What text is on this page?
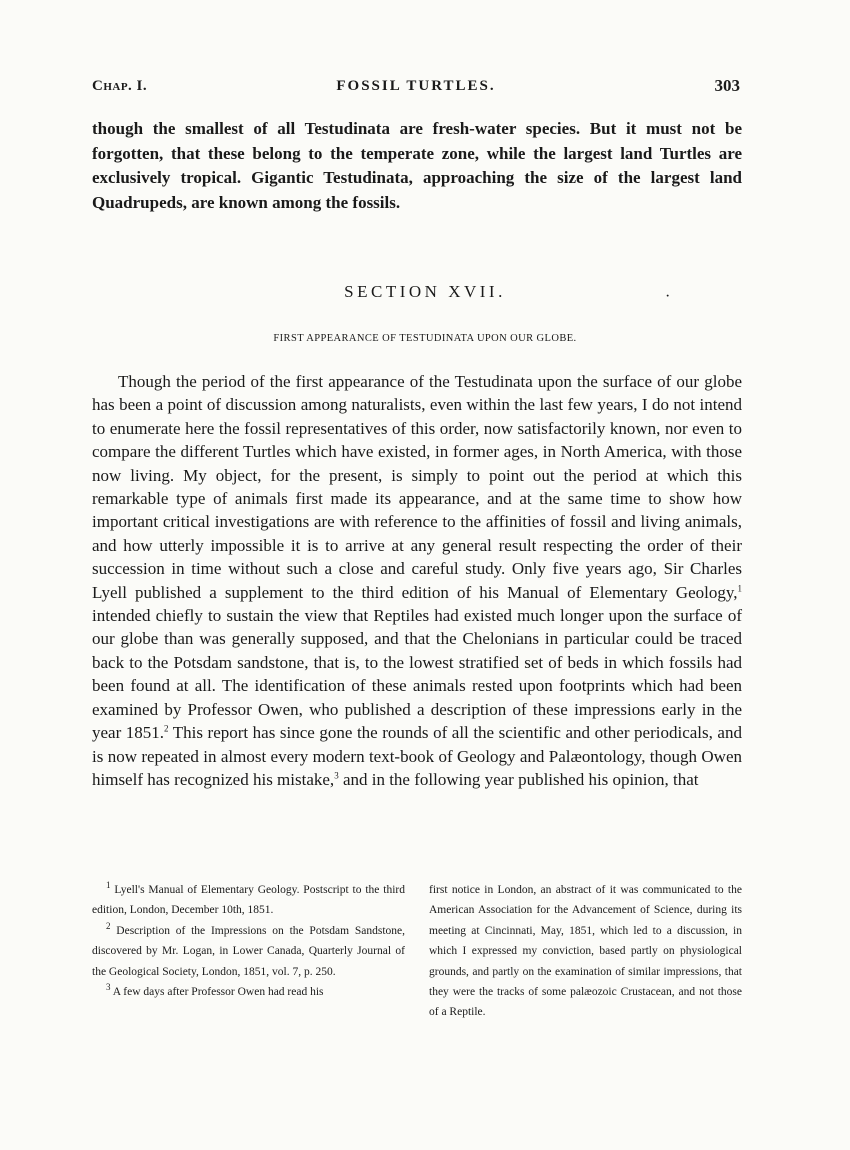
Chap. I.	FOSSIL TURTLES.	303

though the smallest of all Testudinata are fresh-water species. But it must not be forgotten, that these belong to the temperate zone, while the largest land Turtles are exclusively tropical. Gigantic Testudinata, approaching the size of the largest land Quadrupeds, are known among the fossils.

SECTION XVII.	·
FIRST APPEARANCE OF TESTUDINATA UPON OUR GLOBE.

Though the period of the first appearance of the Testudinata upon the surface of our globe has been a point of discussion among naturalists, even within the last few years, I do not intend to enumerate here the fossil representatives of this order, now satisfactorily known, nor even to compare the different Turtles which have existed, in former ages, in North America, with those now living. My object, for the present, is simply to point out the period at which this remarkable type of animals first made its appearance, and at the same time to show how important critical investigations are with reference to the affinities of fossil and living animals, and how utterly impossible it is to arrive at any general result respecting the order of their succession in time without such a close and careful study. Only five years ago, Sir Charles Lyell published a supplement to the third edition of his Manual of Elementary Geology,$^1$ intended chiefly to sustain the view that Reptiles had existed much longer upon the surface of our globe than was generally supposed, and that the Chelonians in particular could be traced back to the Potsdam sandstone, that is, to the lowest stratified set of beds in which fossils had been found at all. The identification of these animals rested upon footprints which had been examined by Professor Owen, who published a description of these impressions early in the year 1851.$^2$ This report has since gone the rounds of all the scientific and other periodicals, and is now repeated in almost every modern text-book of Geology and Palæontology, though Owen himself has recognized his mistake,$^3$ and in the following year published his opinion, that

$^1$ Lyell's Manual of Elementary Geology. Postscript to the third edition, London, December 10th, 1851.

$^2$ Description of the Impressions on the Potsdam Sandstone, discovered by Mr. Logan, in Lower Canada, Quarterly Journal of the Geological Society, London, 1851, vol. 7, p. 250.

$^3$ A few days after Professor Owen had read his

first notice in London, an abstract of it was communicated to the American Association for the Advancement of Science, during its meeting at Cincinnati, May, 1851, which led to a discussion, in which I expressed my conviction, based partly on physiological grounds, and partly on the examination of similar impressions, that they were the tracks of some palæozoic Crustacean, and not those of a Reptile.
